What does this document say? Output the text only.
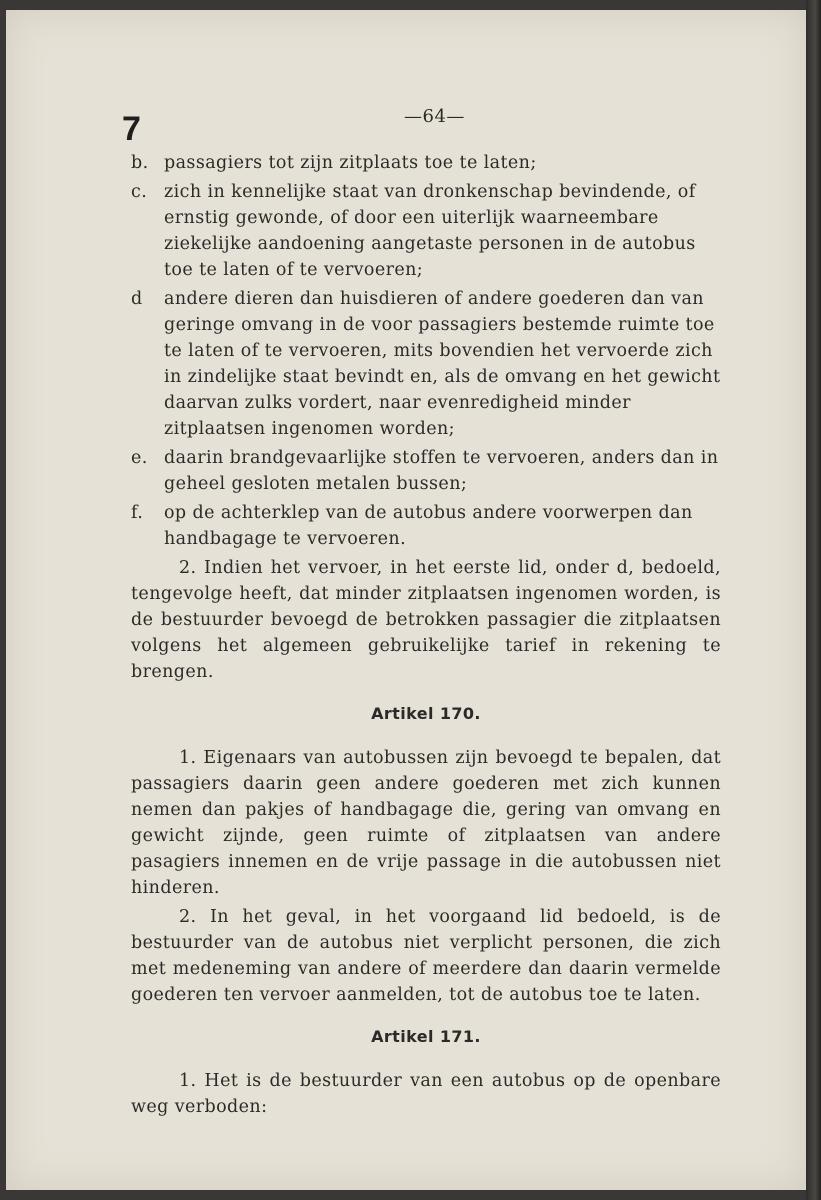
7	—64—
b. passagiers tot zijn zitplaats toe te laten;
c. zich in kennelijke staat van dronkenschap bevindende, of ernstig gewonde, of door een uiterlijk waarneembare ziekelijke aandoening aangetaste personen in de autobus toe te laten of te vervoeren;
d	andere dieren dan huisdieren of andere goederen dan van geringe omvang in de voor passagiers bestemde ruimte toe te laten of te vervoeren, mits bovendien het vervoerde zich in zindelijke staat bevindt en, als de omvang en het gewicht daarvan zulks vordert, naar evenredigheid minder zitplaatsen ingenomen worden;
e. daarin brandgevaarlijke stoffen te vervoeren, anders dan in geheel gesloten metalen bussen;
f.	op de achterklep van de autobus andere voorwerpen dan handbagage te vervoeren.

2. Indien het vervoer, in het eerste lid, onder d, bedoeld, tengevolge heeft, dat minder zitplaatsen ingenomen worden, is de bestuurder bevoegd de betrokken passagier die zitplaatsen volgens het algemeen gebruikelijke tarief in rekening te brengen.

Artikel 170.

1. Eigenaars van autobussen zijn bevoegd te bepalen, dat passagiers daarin geen andere goederen met zich kunnen nemen dan pakjes of handbagage die, gering van omvang en gewicht zijnde, geen ruimte of zitplaatsen van andere pasagiers innemen en de vrije passage in die autobussen niet hinderen.

2. In het geval, in het voorgaand lid bedoeld, is de bestuurder van de autobus niet verplicht personen, die zich met medeneming van andere of meerdere dan daarin vermelde goederen ten vervoer aanmelden, tot de autobus toe te laten.

Artikel 171.

1. Het is de bestuurder van een autobus op de openbare weg verboden:
